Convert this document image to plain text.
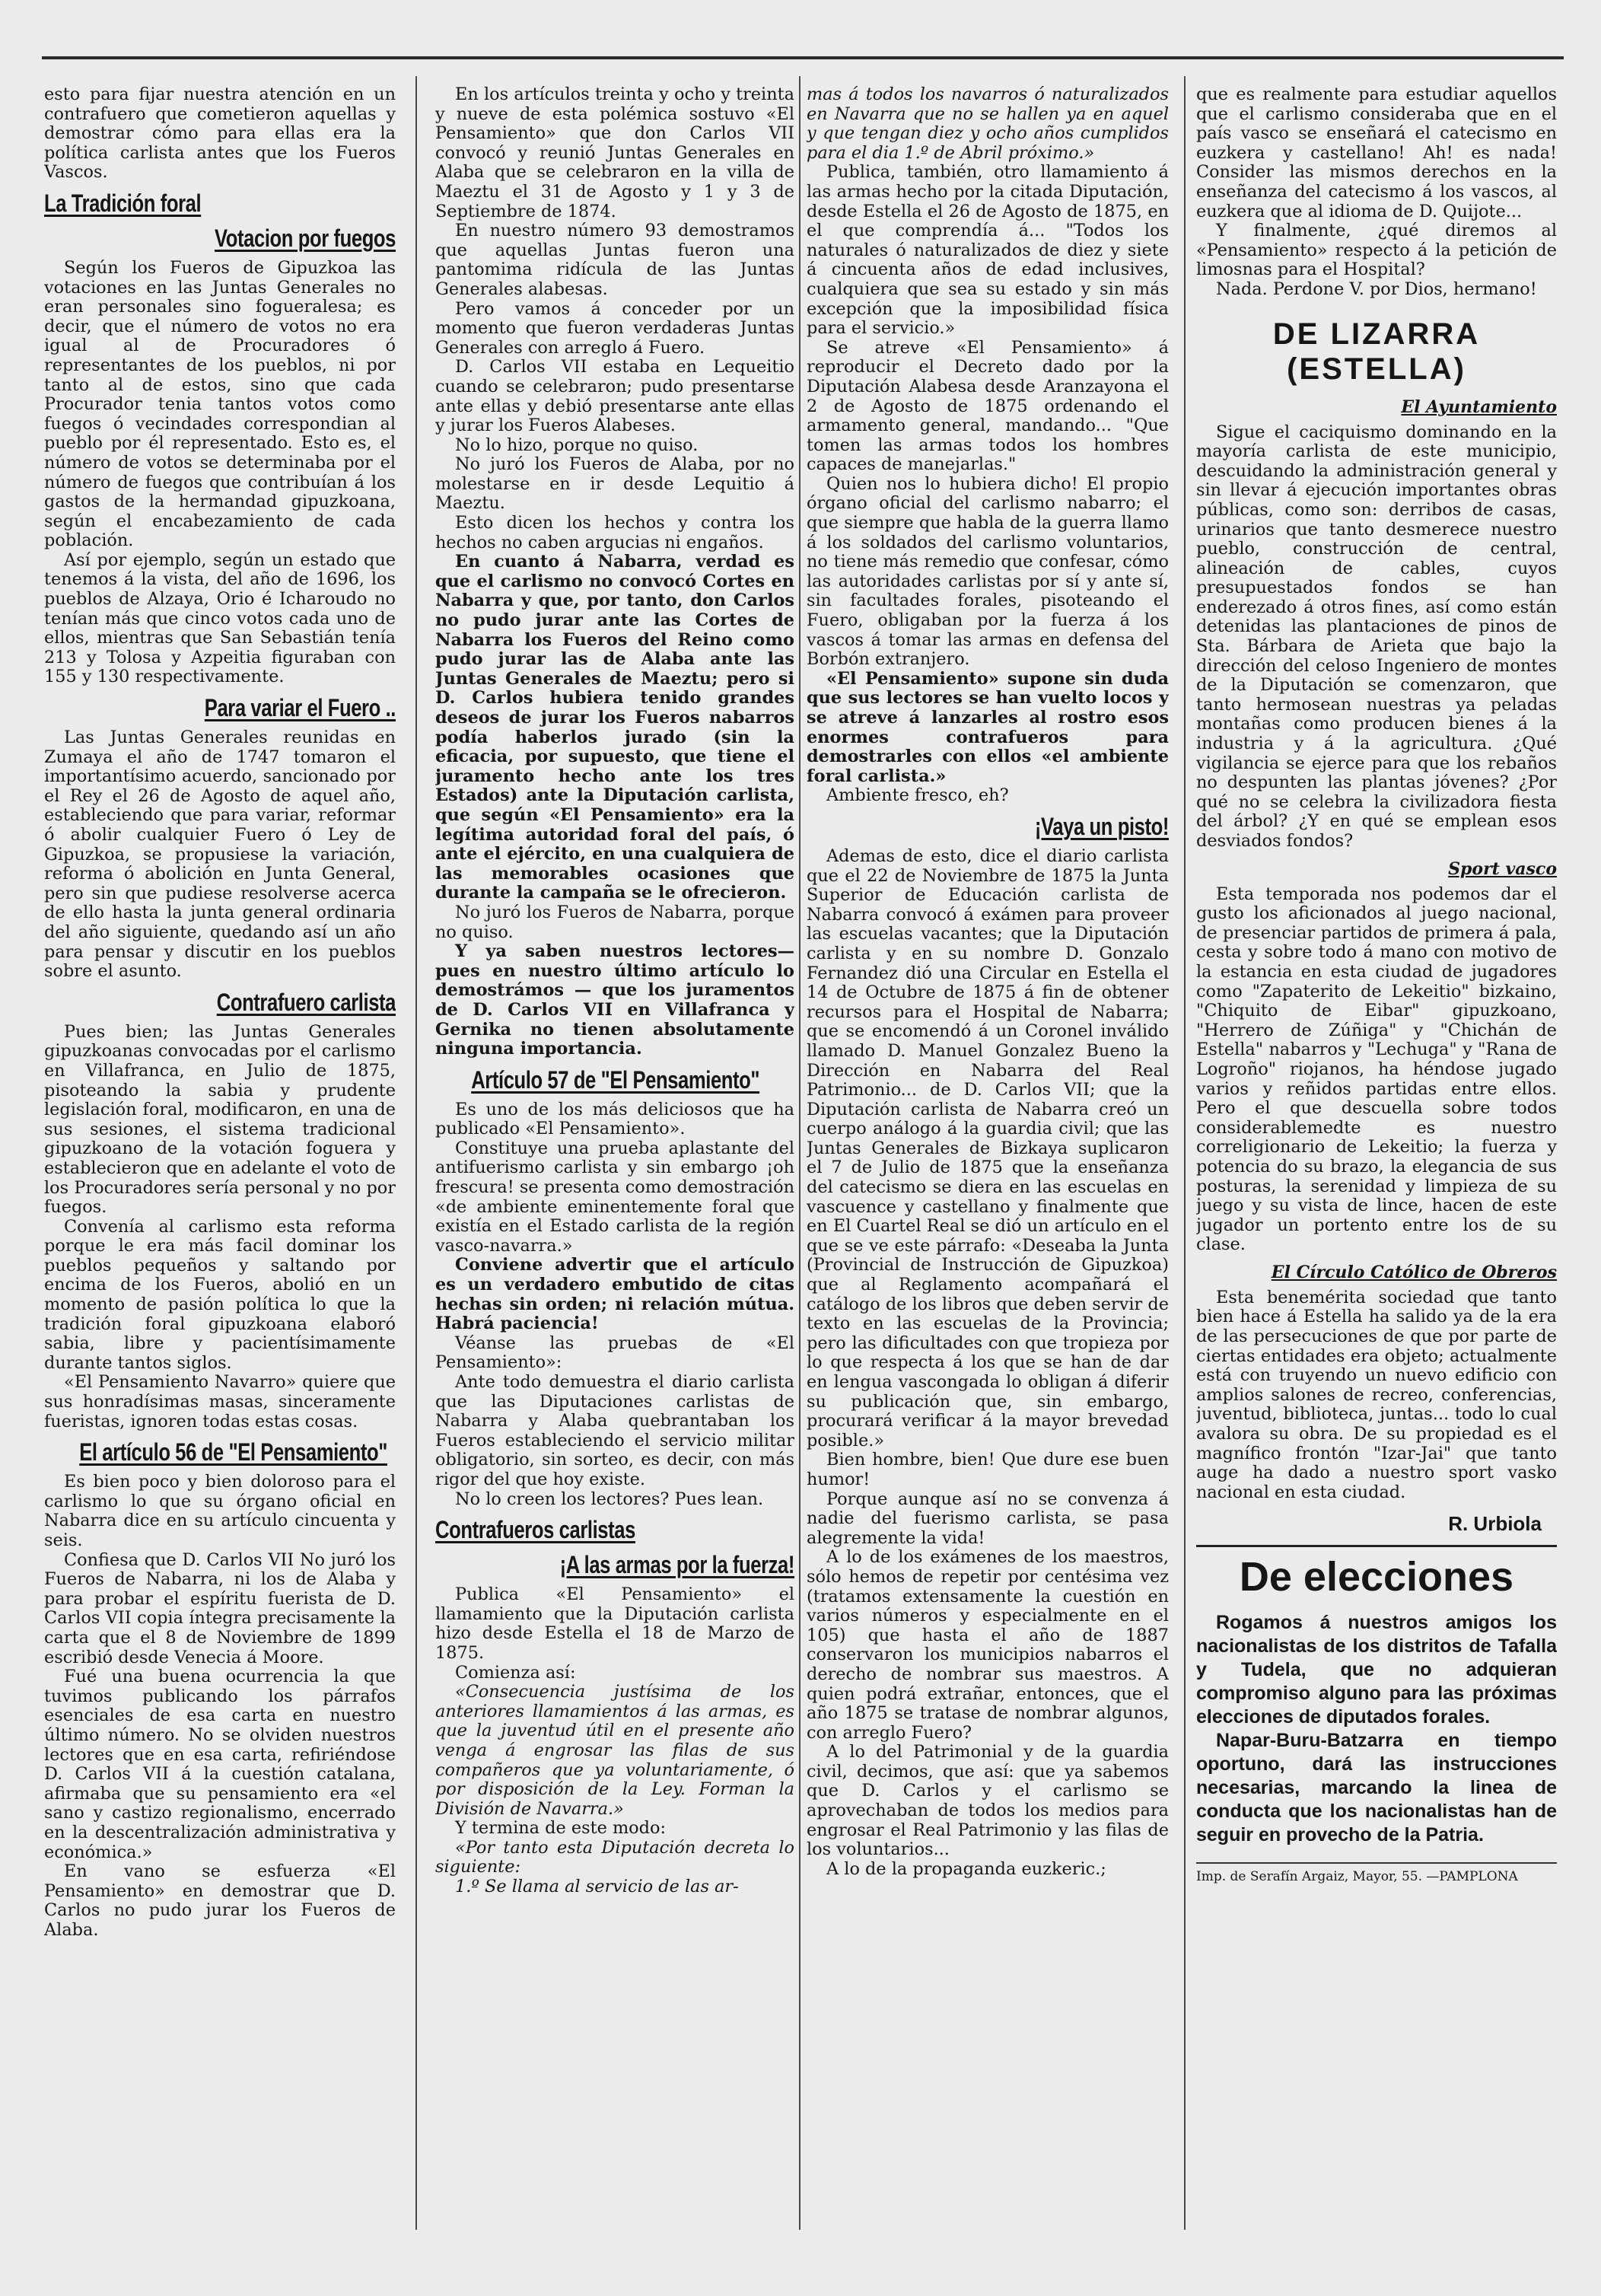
esto para fijar nuestra atención en un contrafuero que cometieron aquellas y demostrar cómo para ellas era la política carlista antes que los Fueros Vascos.

La Tradición foral
Votacion por fuegos

Según los Fueros de Gipuzkoa las votaciones en las Juntas Generales no eran personales sino fogueralesa; es decir, que el número de votos no era igual al de Procuradores ó representantes de los pueblos, ni por tanto al de estos, sino que cada Procurador tenia tantos votos como fuegos ó vecindades correspondian al pueblo por él representado. Esto es, el número de votos se determinaba por el número de fuegos que contribuían á los gastos de la hermandad gipuzkoana, según el encabezamiento de cada población.

Así por ejemplo, según un estado que tenemos á la vista, del año de 1696, los pueblos de Alzaya, Orio é Icharoudo no tenían más que cinco votos cada uno de ellos, mientras que San Sebastián tenía 213 y Tolosa y Azpeitia figuraban con 155 y 130 respectivamente.

Para variar el Fuero ..

Las Juntas Generales reunidas en Zumaya el año de 1747 tomaron el importantísimo acuerdo, sancionado por el Rey el 26 de Agosto de aquel año, estableciendo que para variar, reformar ó abolir cualquier Fuero ó Ley de Gipuzkoa, se propusiese la variación, reforma ó abolición en Junta General, pero sin que pudiese resolverse acerca de ello hasta la junta general ordinaria del año siguiente, quedando así un año para pensar y discutir en los pueblos sobre el asunto.

Contrafuero carlista

Pues bien; las Juntas Generales gipuzkoanas convocadas por el carlismo en Villafranca, en Julio de 1875, pisoteando la sabia y prudente legislación foral, modificaron, en una de sus sesiones, el sistema tradicional gipuzkoano de la votación foguera y establecieron que en adelante el voto de los Procuradores sería personal y no por fuegos.

Convenía al carlismo esta reforma porque le era más facil dominar los pueblos pequeños y saltando por encima de los Fueros, abolió en un momento de pasión política lo que la tradición foral gipuzkoana elaboró sabia, libre y pacientísimamente durante tantos siglos.

«El Pensamiento Navarro» quiere que sus honradísimas masas, sinceramente fueristas, ignoren todas estas cosas.

El artículo 56 de "El Pensamiento"

Es bien poco y bien doloroso para el carlismo lo que su órgano oficial en Nabarra dice en su artículo cincuenta y seis.

Confiesa que D. Carlos VII No juró los Fueros de Nabarra, ni los de Alaba y para probar el espíritu fuerista de D. Carlos VII copia íntegra precisamente la carta que el 8 de Noviembre de 1899 escribió desde Venecia á Moore.

Fué una buena ocurrencia la que tuvimos publicando los párrafos esenciales de esa carta en nuestro último número. No se olviden nuestros lectores que en esa carta, refiriéndose D. Carlos VII á la cuestión catalana, afirmaba que su pensamiento era «el sano y castizo regionalismo, encerrado en la descentralización administrativa y económica.»

En vano se esfuerza «El Pensamiento» en demostrar que D. Carlos no pudo jurar los Fueros de Alaba.

En los artículos treinta y ocho y treinta y nueve de esta polémica sostuvo «El Pensamiento» que don Carlos VII convocó y reunió Juntas Generales en Alaba que se celebraron en la villa de Maeztu el 31 de Agosto y 1 y 3 de Septiembre de 1874.

En nuestro número 93 demostramos que aquellas Juntas fueron una pantomima ridícula de las Juntas Generales alabesas.

Pero vamos á conceder por un momento que fueron verdaderas Juntas Generales con arreglo á Fuero.

D. Carlos VII estaba en Lequeitio cuando se celebraron; pudo presentarse ante ellas y debió presentarse ante ellas y jurar los Fueros Alabeses.

No lo hizo, porque no quiso.

No juró los Fueros de Alaba, por no molestarse en ir desde Lequitio á Maeztu.

Esto dicen los hechos y contra los hechos no caben argucias ni engaños.

En cuanto á Nabarra, verdad es que el carlismo no convocó Cortes en Nabarra y que, por tanto, don Carlos no pudo jurar ante las Cortes de Nabarra los Fueros del Reino como pudo jurar las de Alaba ante las Juntas Generales de Maeztu; pero si D. Carlos hubiera tenido grandes deseos de jurar los Fueros nabarros podía haberlos jurado (sin la eficacia, por supuesto, que tiene el juramento hecho ante los tres Estados) ante la Diputación carlista, que según «El Pensamiento» era la legítima autoridad foral del país, ó ante el ejército, en una cualquiera de las memorables ocasiones que durante la campaña se le ofrecieron.

No juró los Fueros de Nabarra, porque no quiso.

Y ya saben nuestros lectores— pues en nuestro último artículo lo demostrámos — que los juramentos de D. Carlos VII en Villafranca y Gernika no tienen absolutamente ninguna importancia.

Artículo 57 de "El Pensamiento"

Es uno de los más deliciosos que ha publicado «El Pensamiento».

Constituye una prueba aplastante del antifuerismo carlista y sin embargo ¡oh frescura! se presenta como demostración «de ambiente eminentemente foral que existía en el Estado carlista de la región vasco-navarra.»

Conviene advertir que el artículo es un verdadero embutido de citas hechas sin orden; ni relación mútua. Habrá paciencia!

Véanse las pruebas de «El Pensamiento»:

Ante todo demuestra el diario carlista que las Diputaciones carlistas de Nabarra y Alaba quebrantaban los Fueros estableciendo el servicio militar obligatorio, sin sorteo, es decir, con más rigor del que hoy existe.

No lo creen los lectores? Pues lean.

Contrafueros carlistas
¡A las armas por la fuerza!

Publica «El Pensamiento» el llamamiento que la Diputación carlista hizo desde Estella el 18 de Marzo de 1875.

Comienza así:

«Consecuencia justísima de los anteriores llamamientos á las armas, es que la juventud útil en el presente año venga á engrosar las filas de sus compañeros que ya voluntariamente, ó por disposición de la Ley. Forman la División de Navarra.»

Y termina de este modo:

«Por tanto esta Diputación decreta lo siguiente:

1.º Se llama al servicio de las ar-

mas á todos los navarros ó naturalizados en Navarra que no se hallen ya en aquel y que tengan diez y ocho años cumplidos para el dia 1.º de Abril próximo.»

Publica, también, otro llamamiento á las armas hecho por la citada Diputación, desde Estella el 26 de Agosto de 1875, en el que comprendía á... "Todos los naturales ó naturalizados de diez y siete á cincuenta años de edad inclusives, cualquiera que sea su estado y sin más excepción que la imposibilidad física para el servicio.»

Se atreve «El Pensamiento» á reproducir el Decreto dado por la Diputación Alabesa desde Aranzayona el 2 de Agosto de 1875 ordenando el armamento general, mandando... "Que tomen las armas todos los hombres capaces de manejarlas."

Quien nos lo hubiera dicho! El propio órgano oficial del carlismo nabarro; el que siempre que habla de la guerra llamo á los soldados del carlismo voluntarios, no tiene más remedio que confesar, cómo las autoridades carlistas por sí y ante sí, sin facultades forales, pisoteando el Fuero, obligaban por la fuerza á los vascos á tomar las armas en defensa del Borbón extranjero.

«El Pensamiento» supone sin duda que sus lectores se han vuelto locos y se atreve á lanzarles al rostro esos enormes contrafueros para demostrarles con ellos «el ambiente foral carlista.»

Ambiente fresco, eh?

¡Vaya un pisto!

Ademas de esto, dice el diario carlista que el 22 de Noviembre de 1875 la Junta Superior de Educación carlista de Nabarra convocó á exámen para proveer las escuelas vacantes; que la Diputación carlista y en su nombre D. Gonzalo Fernandez dió una Circular en Estella el 14 de Octubre de 1875 á fin de obtener recursos para el Hospital de Nabarra; que se encomendó á un Coronel inválido llamado D. Manuel Gonzalez Bueno la Dirección en Nabarra del Real Patrimonio... de D. Carlos VII; que la Diputación carlista de Nabarra creó un cuerpo análogo á la guardia civil; que las Juntas Generales de Bizkaya suplicaron el 7 de Julio de 1875 que la enseñanza del catecismo se diera en las escuelas en vascuence y castellano y finalmente que en El Cuartel Real se dió un artículo en el que se ve este párrafo: «Deseaba la Junta (Provincial de Instrucción de Gipuzkoa) que al Reglamento acompañará el catálogo de los libros que deben servir de texto en las escuelas de la Provincia; pero las dificultades con que tropieza por lo que respecta á los que se han de dar en lengua vascongada lo obligan á diferir su publicación que, sin embargo, procurará verificar á la mayor brevedad posible.»

Bien hombre, bien! Que dure ese buen humor!

Porque aunque así no se convenza á nadie del fuerismo carlista, se pasa alegremente la vida!

A lo de los exámenes de los maestros, sólo hemos de repetir por centésima vez (tratamos extensamente la cuestión en varios números y especialmente en el 105) que hasta el año de 1887 conservaron los municipios nabarros el derecho de nombrar sus maestros. A quien podrá extrañar, entonces, que el año 1875 se tratase de nombrar algunos, con arreglo Fuero?

A lo del Patrimonial y de la guardia civil, decimos, que así: que ya sabemos que D. Carlos y el carlismo se aprovechaban de todos los medios para engrosar el Real Patrimonio y las filas de los voluntarios...

A lo de la propaganda euzkeric.;

que es realmente para estudiar aquellos que el carlismo consideraba que en el país vasco se enseñará el catecismo en euzkera y castellano! Ah! es nada! Consider las mismos derechos en la enseñanza del catecismo á los vascos, al euzkera que al idioma de D. Quijote...

Y finalmente, ¿qué diremos al «Pensamiento» respecto á la petición de limosnas para el Hospital?

Nada. Perdone V. por Dios, hermano!

DE LIZARRA (ESTELLA)
El Ayuntamiento

Sigue el caciquismo dominando en la mayoría carlista de este municipio, descuidando la administración general y sin llevar á ejecución importantes obras públicas, como son: derribos de casas, urinarios que tanto desmerece nuestro pueblo, construcción de central, alineación de cables, cuyos presupuestados fondos se han enderezado á otros fines, así como están detenidas las plantaciones de pinos de Sta. Bárbara de Arieta que bajo la dirección del celoso Ingeniero de montes de la Diputación se comenzaron, que tanto hermosean nuestras ya peladas montañas como producen bienes á la industria y á la agricultura. ¿Qué vigilancia se ejerce para que los rebaños no despunten las plantas jóvenes? ¿Por qué no se celebra la civilizadora fiesta del árbol? ¿Y en qué se emplean esos desviados fondos?

Sport vasco

Esta temporada nos podemos dar el gusto los aficionados al juego nacional, de presenciar partidos de primera á pala, cesta y sobre todo á mano con motivo de la estancia en esta ciudad de jugadores como "Zapaterito de Lekeitio" bizkaino, "Chiquito de Eibar" gipuzkoano, "Herrero de Zúñiga" y "Chichán de Estella" nabarros y "Lechuga" y "Rana de Logroño" riojanos, ha héndose jugado varios y reñidos partidas entre ellos. Pero el que descuella sobre todos considerablemedte es nuestro correligionario de Lekeitio; la fuerza y potencia do su brazo, la elegancia de sus posturas, la serenidad y limpieza de su juego y su vista de lince, hacen de este jugador un portento entre los de su clase.

El Círculo Católico de Obreros

Esta benemérita sociedad que tanto bien hace á Estella ha salido ya de la era de las persecuciones de que por parte de ciertas entidades era objeto; actualmente está con truyendo un nuevo edificio con amplios salones de recreo, conferencias, juventud, biblioteca, juntas... todo lo cual avalora su obra. De su propiedad es el magnífico frontón "Izar-Jai" que tanto auge ha dado a nuestro sport vasko nacional en esta ciudad.

R. Urbiola
De elecciones

Rogamos á nuestros amigos los nacionalistas de los distritos de Tafalla y Tudela, que no adquieran compromiso alguno para las próximas elecciones de diputados forales.

Napar-Buru-Batzarra en tiempo oportuno, dará las instrucciones necesarias, marcando la linea de conducta que los nacionalistas han de seguir en provecho de la Patria.

Imp. de Serafín Argaiz, Mayor, 55. —PAMPLONA
